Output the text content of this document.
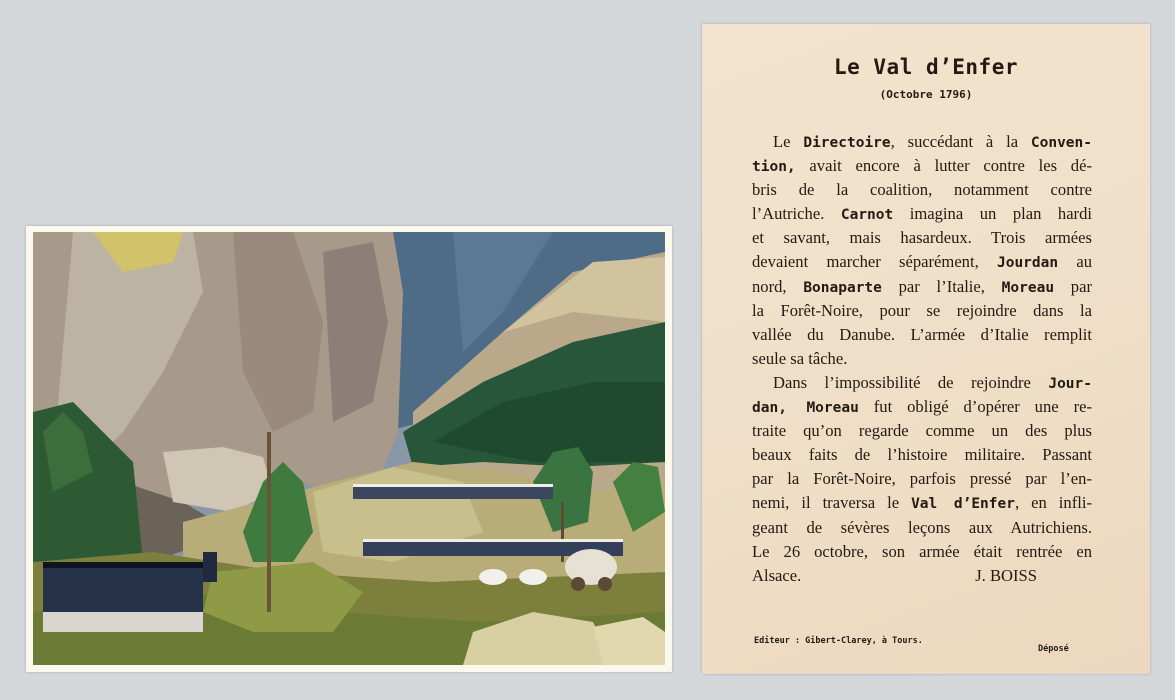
Le Val d’Enfer
(Octobre 1796)
Le Directoire, succédant à la Conven-
tion, avait encore à lutter contre les dé-
bris de la coalition, notamment contre
l’Autriche. Carnot imagina un plan hardi
et savant, mais hasardeux. Trois armées
devaient marcher séparément, Jourdan au
nord, Bonaparte par l’Italie, Moreau par
la Forêt-Noire, pour se rejoindre dans la
vallée du Danube. L’armée d’Italie remplit
seule sa tâche.
Dans l’impossibilité de rejoindre Jour-
dan, Moreau fut obligé d’opérer une re-
traite qu’on regarde comme un des plus
beaux faits de l’histoire militaire. Passant
par la Forêt-Noire, parfois pressé par l’en-
nemi, il traversa le Val d’Enfer, en infli-
geant de sévères leçons aux Autrichiens.
Le 26 octobre, son armée était rentrée en
Alsace.	J. BOISS
Editeur : Gibert-Clarey, à Tours.
Déposé
